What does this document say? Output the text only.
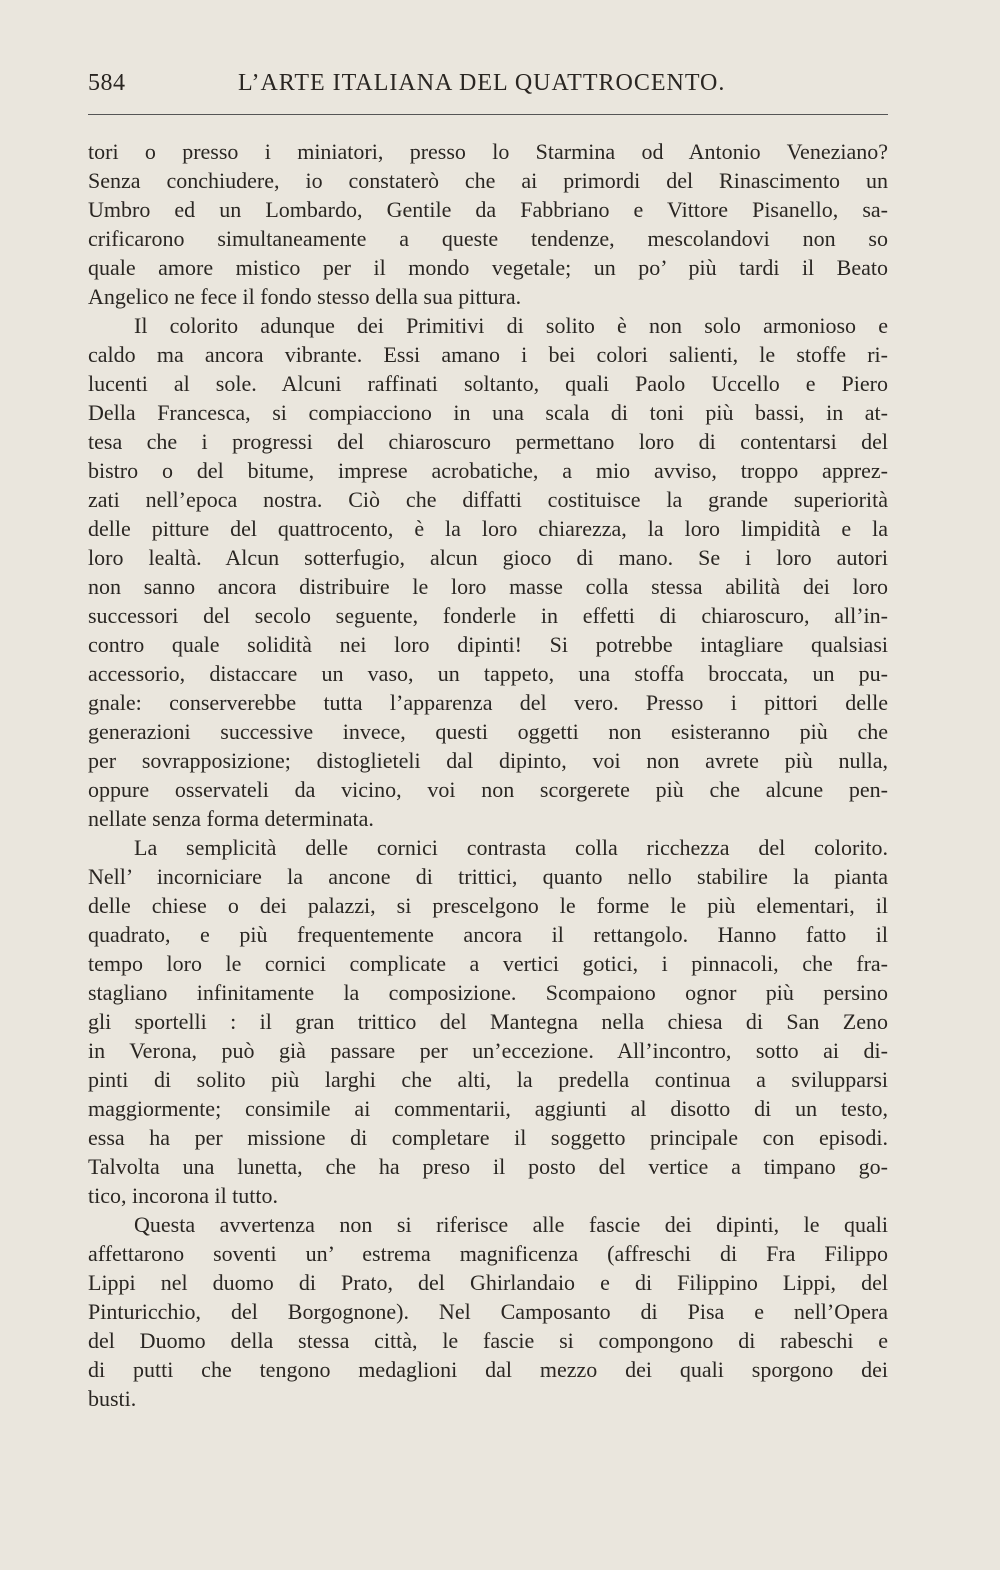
584	L’ARTE ITALIANA DEL QUATTROCENTO.
tori o presso i miniatori, presso lo Starmina od Antonio Veneziano?
Senza conchiudere, io constaterò che ai primordi del Rinascimento un
Umbro ed un Lombardo, Gentile da Fabbriano e Vittore Pisanello, sa-
crificarono simultaneamente a queste tendenze, mescolandovi non so
quale amore mistico per il mondo vegetale; un po’ più tardi il Beato
Angelico ne fece il fondo stesso della sua pittura.
Il colorito adunque dei Primitivi di solito è non solo armonioso e
caldo ma ancora vibrante. Essi amano i bei colori salienti, le stoffe ri-
lucenti al sole. Alcuni raffinati soltanto, quali Paolo Uccello e Piero
Della Francesca, si compiacciono in una scala di toni più bassi, in at-
tesa che i progressi del chiaroscuro permettano loro di contentarsi del
bistro o del bitume, imprese acrobatiche, a mio avviso, troppo apprez-
zati nell’epoca nostra. Ciò che diffatti costituisce la grande superiorità
delle pitture del quattrocento, è la loro chiarezza, la loro limpidità e la
loro lealtà. Alcun sotterfugio, alcun gioco di mano. Se i loro autori
non sanno ancora distribuire le loro masse colla stessa abilità dei loro
successori del secolo seguente, fonderle in effetti di chiaroscuro, all’in-
contro quale solidità nei loro dipinti! Si potrebbe intagliare qualsiasi
accessorio, distaccare un vaso, un tappeto, una stoffa broccata, un pu-
gnale: conserverebbe tutta l’apparenza del vero. Presso i pittori delle
generazioni successive invece, questi oggetti non esisteranno più che
per sovrapposizione; distoglieteli dal dipinto, voi non avrete più nulla,
oppure osservateli da vicino, voi non scorgerete più che alcune pen-
nellate senza forma determinata.
La semplicità delle cornici contrasta colla ricchezza del colorito.
Nell’ incorniciare la ancone di trittici, quanto nello stabilire la pianta
delle chiese o dei palazzi, si prescelgono le forme le più elementari, il
quadrato, e più frequentemente ancora il rettangolo. Hanno fatto il
tempo loro le cornici complicate a vertici gotici, i pinnacoli, che fra-
stagliano infinitamente la composizione. Scompaiono ognor più persino
gli sportelli : il gran trittico del Mantegna nella chiesa di San Zeno
in Verona, può già passare per un’eccezione. All’incontro, sotto ai di-
pinti di solito più larghi che alti, la predella continua a svilupparsi
maggiormente; consimile ai commentarii, aggiunti al disotto di un testo,
essa ha per missione di completare il soggetto principale con episodi.
Talvolta una lunetta, che ha preso il posto del vertice a timpano go-
tico, incorona il tutto.
Questa avvertenza non si riferisce alle fascie dei dipinti, le quali
affettarono soventi un’ estrema magnificenza (affreschi di Fra Filippo
Lippi nel duomo di Prato, del Ghirlandaio e di Filippino Lippi, del
Pinturicchio, del Borgognone). Nel Camposanto di Pisa e nell’Opera
del Duomo della stessa città, le fascie si compongono di rabeschi e
di putti che tengono medaglioni dal mezzo dei quali sporgono dei
busti.
